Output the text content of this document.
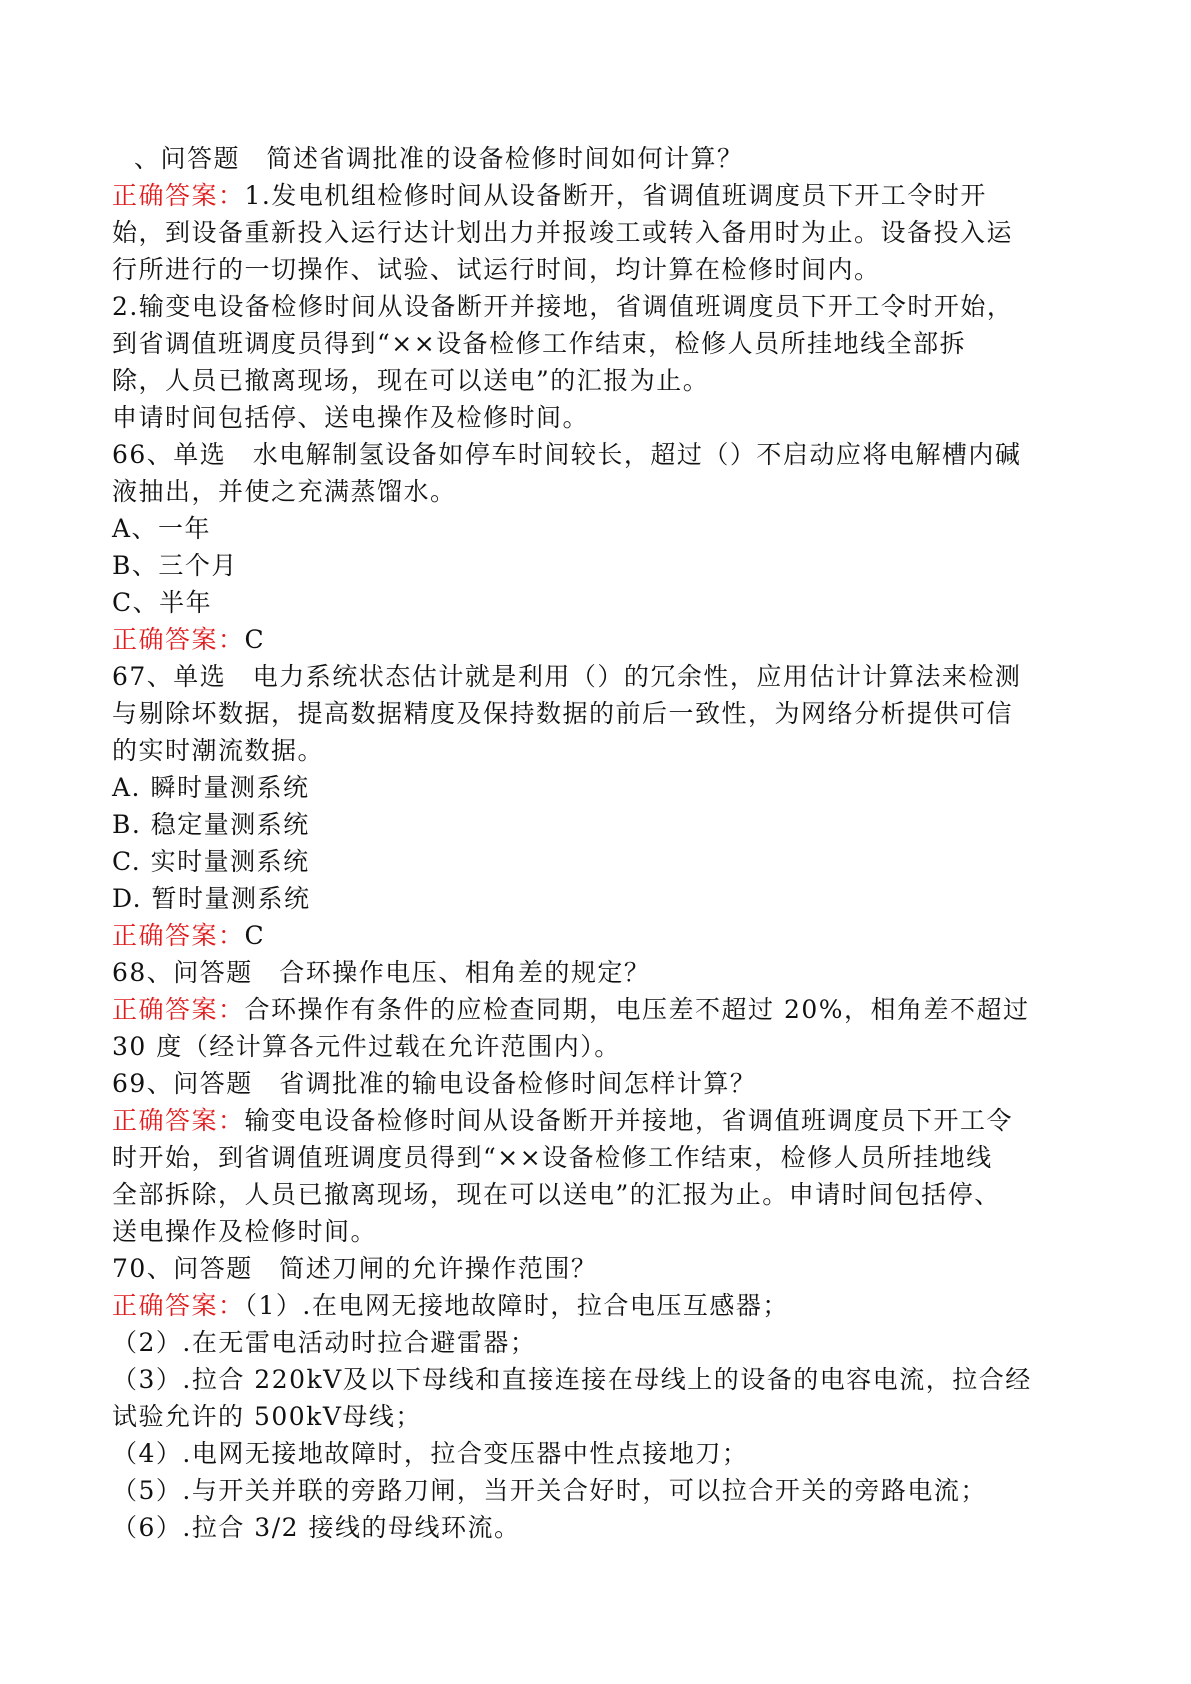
、问答题　简述省调批准的设备检修时间如何计算？

正确答案：1.发电机组检修时间从设备断开，省调值班调度员下开工令时开

始，到设备重新投入运行达计划出力并报竣工或转入备用时为止。设备投入运

行所进行的一切操作、试验、试运行时间，均计算在检修时间内。

2.输变电设备检修时间从设备断开并接地，省调值班调度员下开工令时开始，

到省调值班调度员得到“××设备检修工作结束，检修人员所挂地线全部拆

除，人员已撤离现场，现在可以送电”的汇报为止。

申请时间包括停、送电操作及检修时间。

66、单选　水电解制氢设备如停车时间较长，超过（）不启动应将电解槽内碱

液抽出，并使之充满蒸馏水。

A、一年

B、三个月

C、半年

正确答案：C

67、单选　电力系统状态估计就是利用（）的冗余性，应用估计计算法来检测

与剔除坏数据，提高数据精度及保持数据的前后一致性，为网络分析提供可信

的实时潮流数据。

A. 瞬时量测系统

B. 稳定量测系统

C. 实时量测系统

D. 暂时量测系统

正确答案：C

68、问答题　合环操作电压、相角差的规定？

正确答案：合环操作有条件的应检查同期，电压差不超过 20%，相角差不超过

30 度（经计算各元件过载在允许范围内）。

69、问答题　省调批准的输电设备检修时间怎样计算？

正确答案：输变电设备检修时间从设备断开并接地，省调值班调度员下开工令

时开始，到省调值班调度员得到“××设备检修工作结束，检修人员所挂地线

全部拆除，人员已撤离现场，现在可以送电”的汇报为止。申请时间包括停、

送电操作及检修时间。

70、问答题　简述刀闸的允许操作范围？

正确答案：（1）.在电网无接地故障时，拉合电压互感器；

（2）.在无雷电活动时拉合避雷器；

（3）.拉合 220kV及以下母线和直接连接在母线上的设备的电容电流，拉合经

试验允许的 500kV母线；

（4）.电网无接地故障时，拉合变压器中性点接地刀；

（5）.与开关并联的旁路刀闸，当开关合好时，可以拉合开关的旁路电流；

（6）.拉合 3/2 接线的母线环流。
